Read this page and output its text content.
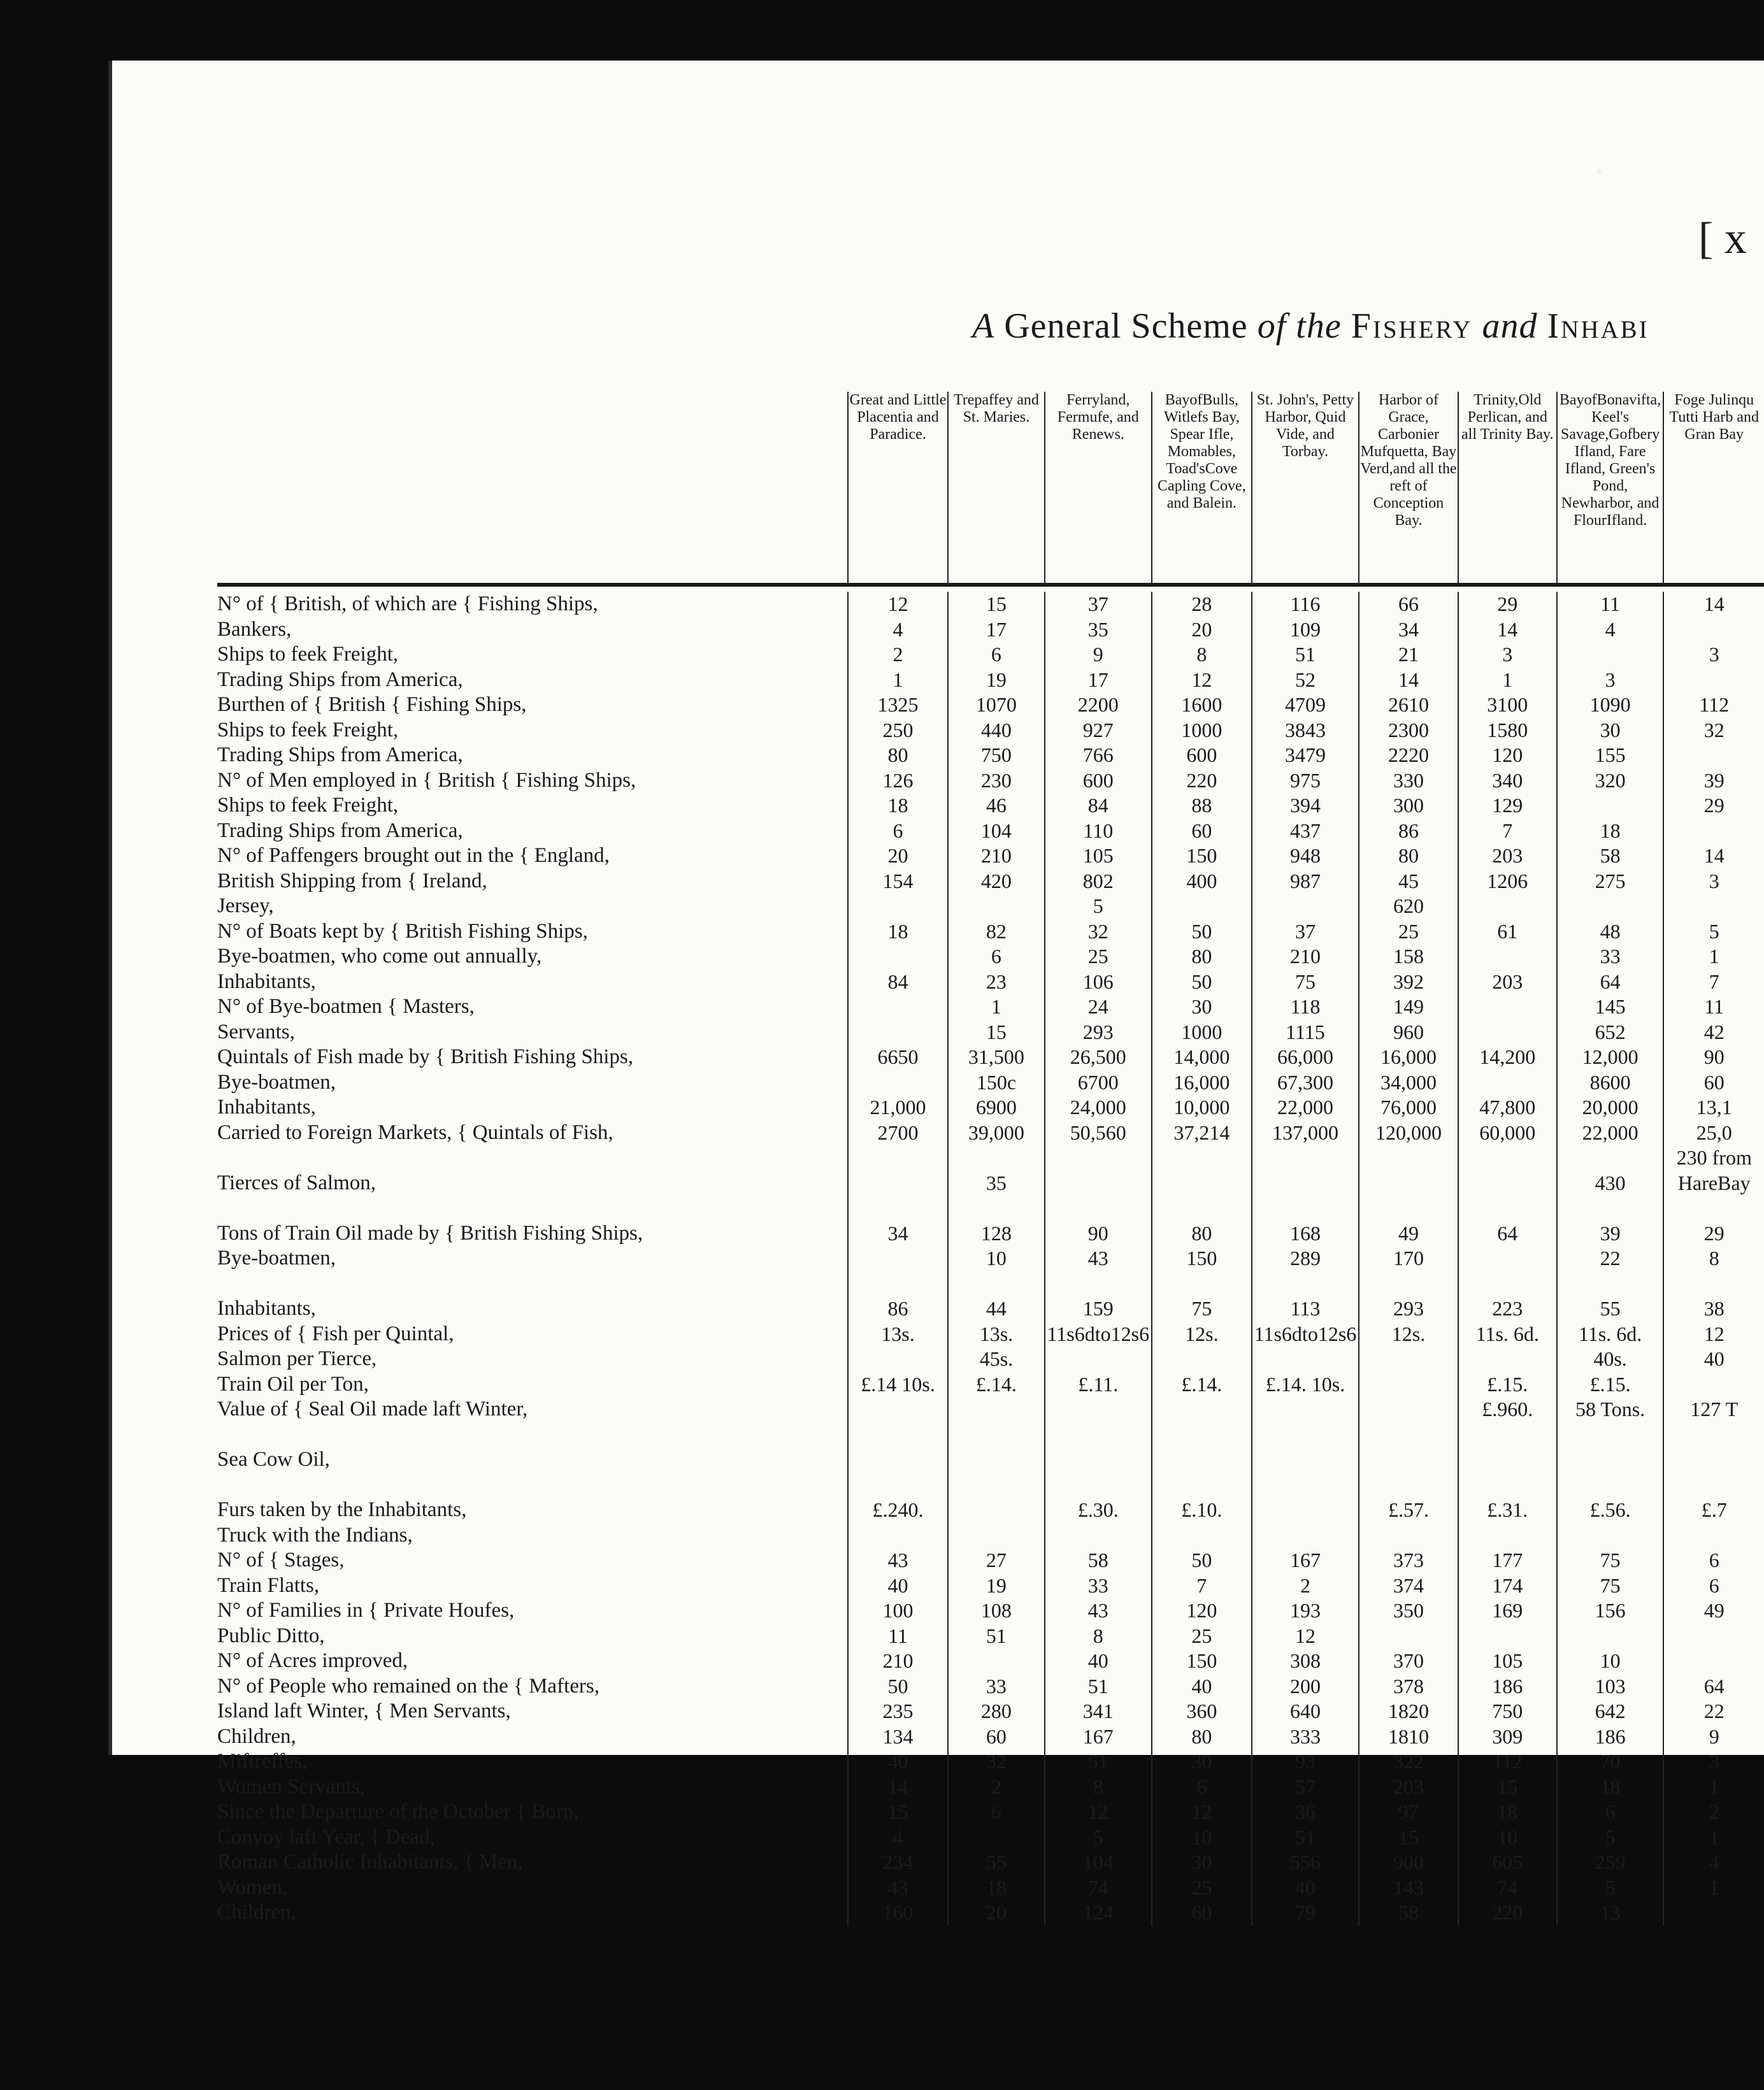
[ x
A General Scheme of the Fishery and Inhabi
	Great and Little Placentia and Paradice.	Trepaffey and St. Maries.	Ferryland, Fermufe, and Renews.	BayofBulls, Witlefs Bay, Spear Ifle, Momables, Toad'sCove Capling Cove, and Balein.	St. John's, Petty Harbor, Quid Vide, and Torbay.	Harbor of Grace, Carbonier Mufquetta, Bay Verd,and all the reft of Conception Bay.	Trinity,Old Perlican, and all Trinity Bay.	BayofBonavifta, Keel's Savage,Gofbery Ifland, Fare Ifland, Green's Pond, Newharbor, and FlourIfland.	Foge Julinqu Tutti Harb and Gran Bay

N° of { British, of which are { Fishing Ships,	12	15	37	28	116	66	29	11	14
Bankers,	4	17	35	20	109	34	14	4	
Ships to feek Freight,	2	6	9	8	51	21	3		3
Trading Ships from America,	1	19	17	12	52	14	1	3	
Burthen of { British { Fishing Ships,	1325	1070	2200	1600	4709	2610	3100	1090	112
Ships to feek Freight,	250	440	927	1000	3843	2300	1580	30	32
Trading Ships from America,	80	750	766	600	3479	2220	120	155	
N° of Men employed in { British { Fishing Ships,	126	230	600	220	975	330	340	320	39
Ships to feek Freight,	18	46	84	88	394	300	129		29
Trading Ships from America,	6	104	110	60	437	86	7	18	
N° of Paffengers brought out in the { England,	20	210	105	150	948	80	203	58	14
British Shipping from { Ireland,	154	420	802	400	987	45	1206	275	3
Jersey,			5			620			
N° of Boats kept by { British Fishing Ships,	18	82	32	50	37	25	61	48	5
Bye-boatmen, who come out annually,		6	25	80	210	158		33	1
Inhabitants,	84	23	106	50	75	392	203	64	7
N° of Bye-boatmen { Masters,		1	24	30	118	149		145	11
Servants,		15	293	1000	1115	960		652	42
Quintals of Fish made by { British Fishing Ships,	6650	31,500	26,500	14,000	66,000	16,000	14,200	12,000	90
Bye-boatmen,		150c	6700	16,000	67,300	34,000		8600	60
Inhabitants,	21,000	6900	24,000	10,000	22,000	76,000	47,800	20,000	13,1
Carried to Foreign Markets, { Quintals of Fish,	2700	39,000	50,560	37,214	137,000	120,000	60,000	22,000	25,0
									230 from
Tierces of Salmon,		35						430	HareBay

Tons of Train Oil made by { British Fishing Ships,	34	128	90	80	168	49	64	39	29
Bye-boatmen,		10	43	150	289	170		22	8

Inhabitants,	86	44	159	75	113	293	223	55	38
Prices of { Fish per Quintal,	13s.	13s.	11s6dto12s6	12s.	11s6dto12s6	12s.	11s. 6d.	11s. 6d.	12
Salmon per Tierce,		45s.						40s.	40
Train Oil per Ton,	£.14 10s.	£.14.	£.11.	£.14.	£.14. 10s.		£.15.	£.15.	
Value of { Seal Oil made laft Winter,							£.960.	58 Tons.	127 T

Sea Cow Oil,									

Furs taken by the Inhabitants,	£.240.		£.30.	£.10.		£.57.	£.31.	£.56.	£.7
Truck with the Indians,									
N° of { Stages,	43	27	58	50	167	373	177	75	6
Train Flatts,	40	19	33	7	2	374	174	75	6
N° of Families in { Private Houfes,	100	108	43	120	193	350	169	156	49
Public Ditto,	11	51	8	25	12				
N° of Acres improved,	210		40	150	308	370	105	10	
N° of People who remained on the { Mafters,	50	33	51	40	200	378	186	103	64
Island laft Winter, { Men Servants,	235	280	341	360	640	1820	750	642	22
Children,	134	60	167	80	333	1810	309	186	9
Miftreffes,	40	32	51	30	93	322	112	70	3
Women Servants,	14	2	8	6	57	203	15	18	1
Since the Departure of the October { Born,	15	6	12	12	36	97	18	6	2
Convoy laft Year, { Dead,	4		5	10	51	15	10	5	1
Roman Catholic Inhabitants, { Men,	234	55	104	30	556	900	605	259	4
Women,	43	18	74	25	40	143	74	5	1
Children,	160	20	124	60	79	58	220	13	
